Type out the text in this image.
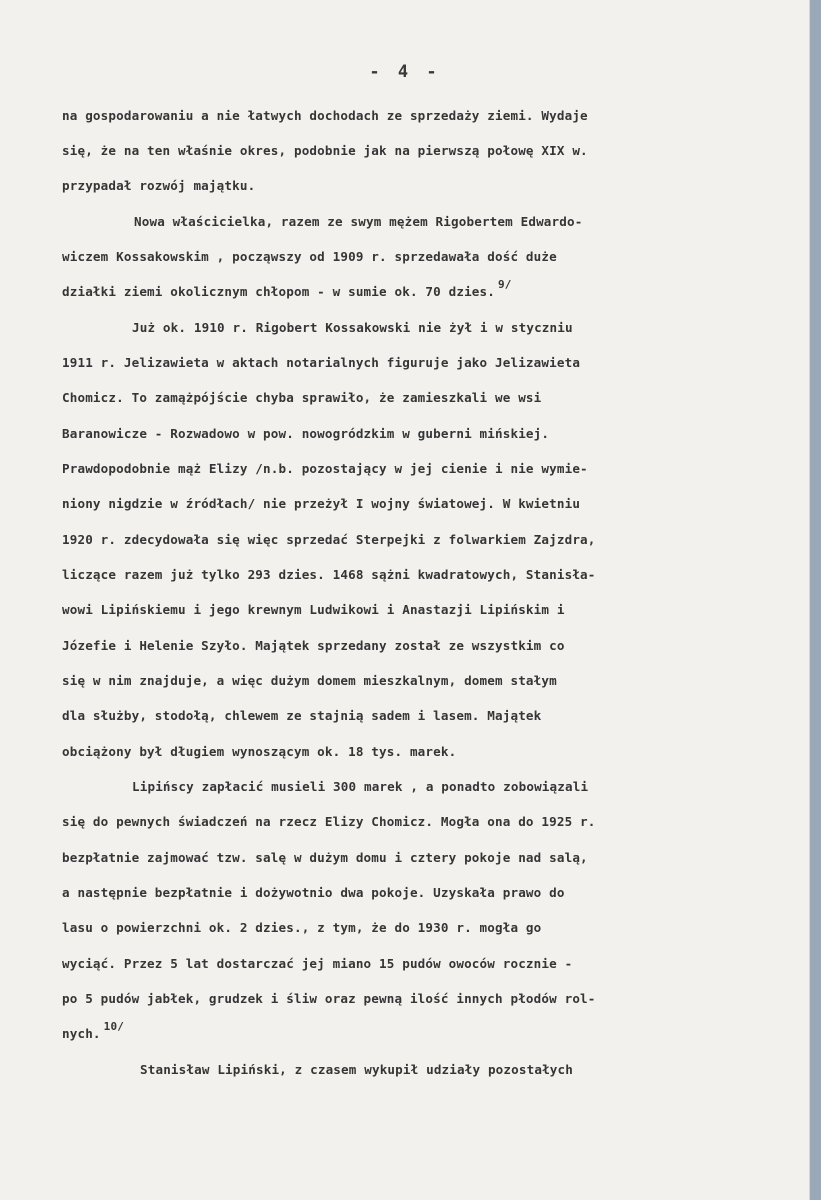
- 4 -
na gospodarowaniu a nie łatwych dochodach ze sprzedaży ziemi. Wydaje
się, że na ten właśnie okres, podobnie jak na pierwszą połowę XIX w.
przypadał rozwój majątku.
Nowa właścicielka, razem ze swym mężem Rigobertem Edwardo-
wiczem Kossakowskim , począwszy od 1909 r. sprzedawała dość duże
działki ziemi okolicznym chłopom - w sumie ok. 70 dzies. 9/
Już ok. 1910 r. Rigobert Kossakowski nie żył i w styczniu
1911 r. Jelizawieta w aktach notarialnych figuruje jako Jelizawieta
Chomicz. To zamążpójście chyba sprawiło, że zamieszkali we wsi
Baranowicze - Rozwadowo w pow. nowogródzkim w guberni mińskiej.
Prawdopodobnie mąż Elizy /n.b. pozostający w jej cienie i nie wymie-
niony nigdzie w źródłach/ nie przeżył I wojny światowej. W kwietniu
1920 r. zdecydowała się więc sprzedać Sterpejki z folwarkiem Zajzdra,
liczące razem już tylko 293 dzies. 1468 sążni kwadratowych, Stanisła-
wowi Lipińskiemu i jego krewnym Ludwikowi i Anastazji Lipińskim i
Józefie i Helenie Szyło. Majątek sprzedany został ze wszystkim co
się w nim znajduje, a więc dużym domem mieszkalnym, domem stałym
dla służby, stodołą, chlewem ze stajnią sadem i lasem. Majątek
obciążony był długiem wynoszącym ok. 18 tys. marek.
Lipińscy zapłacić musieli 300 marek , a ponadto zobowiązali
się do pewnych świadczeń na rzecz Elizy Chomicz. Mogła ona do 1925 r.
bezpłatnie zajmować tzw. salę w dużym domu i cztery pokoje nad salą,
a następnie bezpłatnie i dożywotnio dwa pokoje. Uzyskała prawo do
lasu o powierzchni ok. 2 dzies., z tym, że do 1930 r. mogła go
wyciąć. Przez 5 lat dostarczać jej miano 15 pudów owoców rocznie -
po 5 pudów jabłek, grudzek i śliw oraz pewną ilość innych płodów rol-
nych. 10/
Stanisław Lipiński, z czasem wykupił udziały pozostałych
